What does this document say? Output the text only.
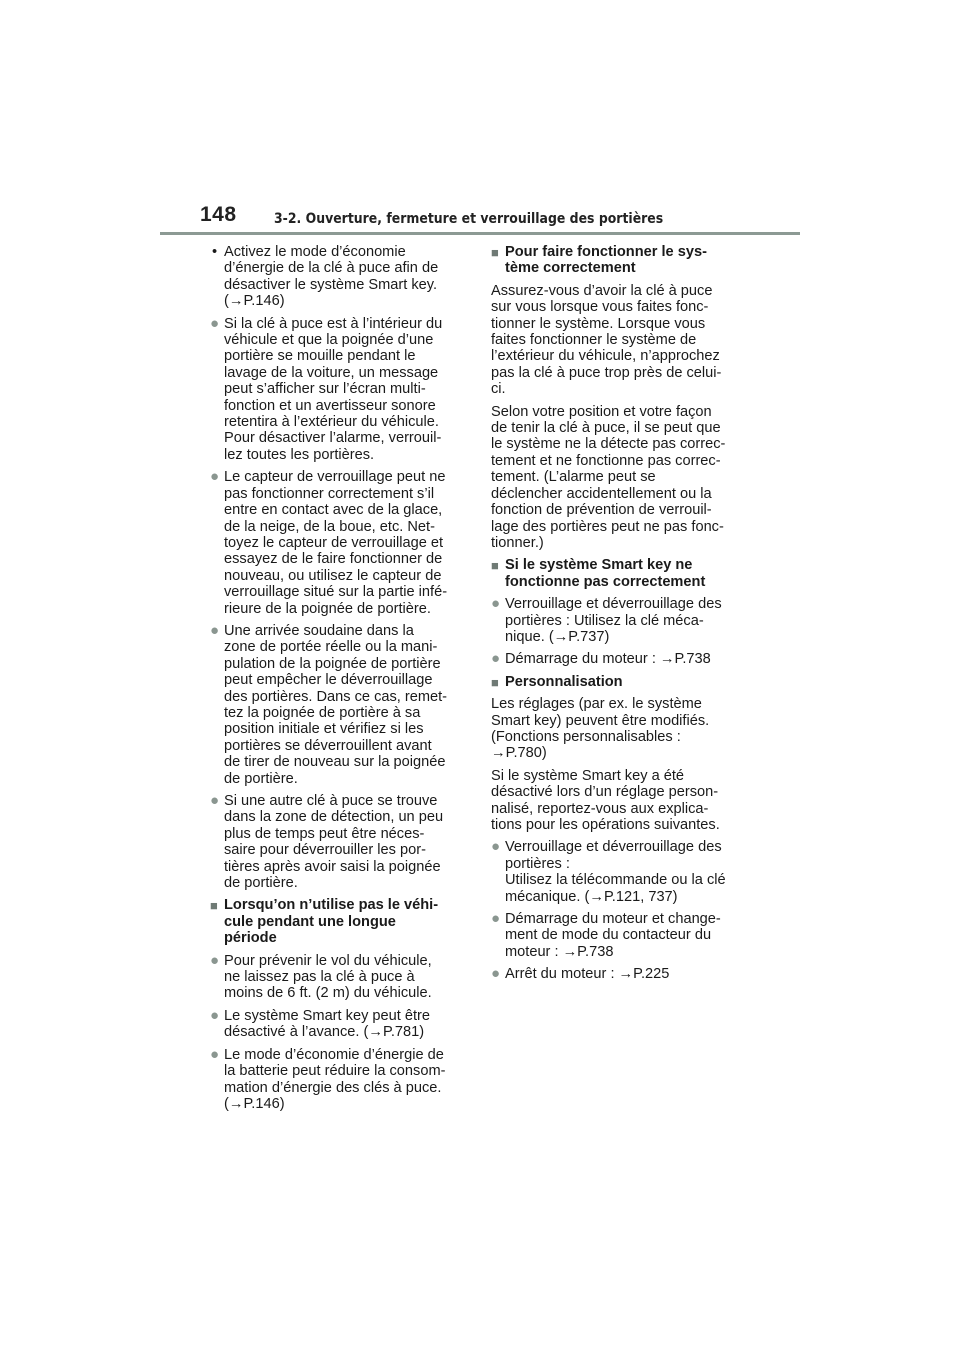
148	3-2. Ouverture, fermeture et verrouillage des portières
• Activez le mode d’économie
d’énergie de la clé à puce afin de
désactiver le système Smart key.
(→P.146)
● Si la clé à puce est à l’intérieur du
véhicule et que la poignée d’une
portière se mouille pendant le
lavage de la voiture, un message
peut s’afficher sur l’écran multi-
fonction et un avertisseur sonore
retentira à l’extérieur du véhicule.
Pour désactiver l’alarme, verrouil-
lez toutes les portières.
● Le capteur de verrouillage peut ne
pas fonctionner correctement s’il
entre en contact avec de la glace,
de la neige, de la boue, etc. Net-
toyez le capteur de verrouillage et
essayez de le faire fonctionner de
nouveau, ou utilisez le capteur de
verrouillage situé sur la partie infé-
rieure de la poignée de portière.
● Une arrivée soudaine dans la
zone de portée réelle ou la mani-
pulation de la poignée de portière
peut empêcher le déverrouillage
des portières. Dans ce cas, remet-
tez la poignée de portière à sa
position initiale et vérifiez si les
portières se déverrouillent avant
de tirer de nouveau sur la poignée
de portière.
● Si une autre clé à puce se trouve
dans la zone de détection, un peu
plus de temps peut être néces-
saire pour déverrouiller les por-
tières après avoir saisi la poignée
de portière.
■ Lorsqu’on n’utilise pas le véhi-
cule pendant une longue
période
● Pour prévenir le vol du véhicule,
ne laissez pas la clé à puce à
moins de 6 ft. (2 m) du véhicule.
● Le système Smart key peut être
désactivé à l’avance. (→P.781)
● Le mode d’économie d’énergie de
la batterie peut réduire la consom-
mation d’énergie des clés à puce.
(→P.146)
■ Pour faire fonctionner le sys-
tème correctement
Assurez-vous d’avoir la clé à puce
sur vous lorsque vous faites fonc-
tionner le système. Lorsque vous
faites fonctionner le système de
l’extérieur du véhicule, n’approchez
pas la clé à puce trop près de celui-
ci.
Selon votre position et votre façon
de tenir la clé à puce, il se peut que
le système ne la détecte pas correc-
tement et ne fonctionne pas correc-
tement. (L’alarme peut se
déclencher accidentellement ou la
fonction de prévention de verrouil-
lage des portières peut ne pas fonc-
tionner.)
■ Si le système Smart key ne
fonctionne pas correctement
● Verrouillage et déverrouillage des
portières : Utilisez la clé méca-
nique. (→P.737)
● Démarrage du moteur : →P.738
■ Personnalisation
Les réglages (par ex. le système
Smart key) peuvent être modifiés.
(Fonctions personnalisables :
→P.780)
Si le système Smart key a été
désactivé lors d’un réglage person-
nalisé, reportez-vous aux explica-
tions pour les opérations suivantes.
● Verrouillage et déverrouillage des
portières :
Utilisez la télécommande ou la clé
mécanique. (→P.121, 737)
● Démarrage du moteur et change-
ment de mode du contacteur du
moteur : →P.738
● Arrêt du moteur : →P.225
